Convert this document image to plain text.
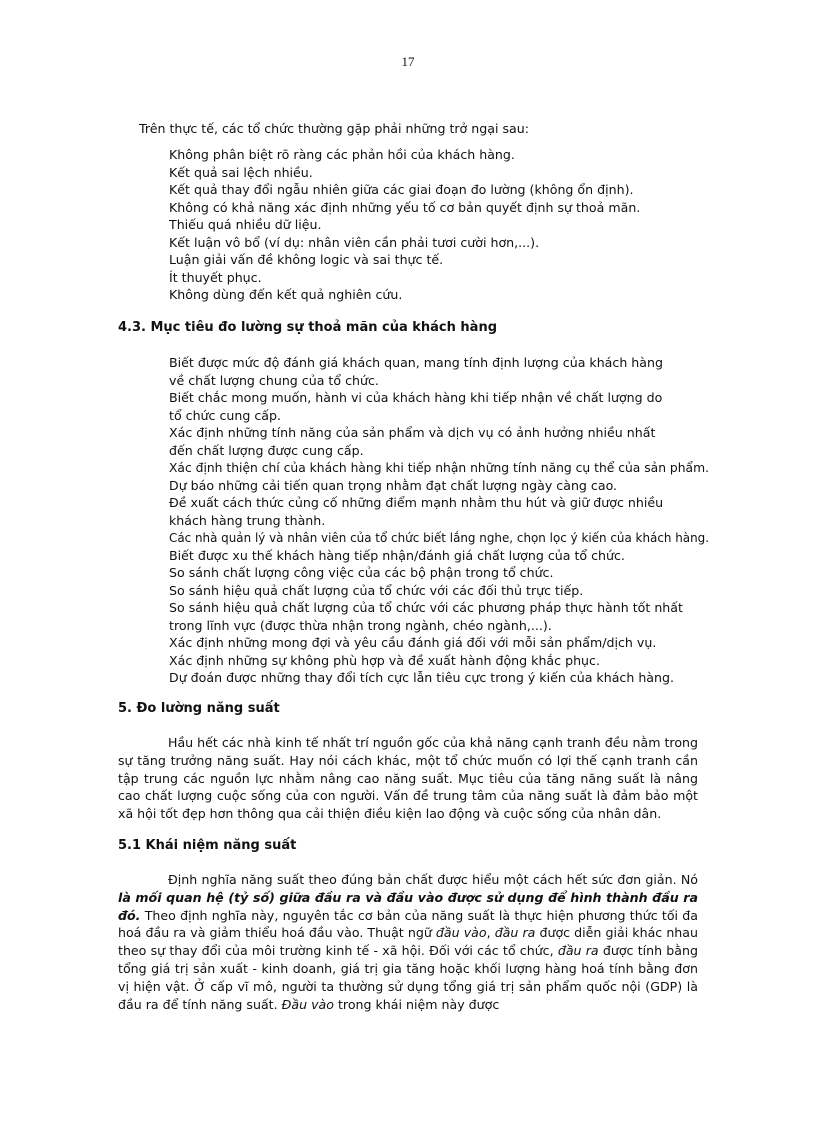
17
Trên thực tế, các tổ chức thường gặp phải những trở ngại sau:
Không phân biệt rõ ràng các phản hồi của khách hàng.
Kết quả sai lệch nhiều.
Kết quả thay đổi ngẫu nhiên giữa các giai đoạn đo lường (không ổn định).
Không có khả năng xác định những yếu tố cơ bản quyết định sự thoả mãn.
Thiếu quá nhiều dữ liệu.
Kết luận vô bổ (ví dụ: nhân viên cần phải tươi cười hơn,...).
Luận giải vấn đề không logic và sai thực tế.
Ít thuyết phục.
Không dùng đến kết quả nghiên cứu.
4.3. Mục tiêu đo lường sự thoả mãn của khách hàng
Biết được mức độ đánh giá khách quan, mang tính định lượng của khách hàng
về chất lượng chung của tổ chức.
Biết chắc mong muốn, hành vi của khách hàng khi tiếp nhận về chất lượng do
tổ chức cung cấp.
Xác định những tính năng của sản phẩm và dịch vụ có ảnh hưởng nhiều nhất
đến chất lượng được cung cấp.
Xác định thiện chí của khách hàng khi tiếp nhận những tính năng cụ thể của sản phẩm.
Dự báo những cải tiến quan trọng nhằm đạt chất lượng ngày càng cao.
Đề xuất cách thức củng cố những điểm mạnh nhằm thu hút và giữ được nhiều
khách hàng trung thành.
Các nhà quản lý và nhân viên của tổ chức biết lắng nghe, chọn lọc ý kiến của khách hàng.
Biết được xu thế khách hàng tiếp nhận/đánh giá chất lượng của tổ chức.
So sánh chất lượng công việc của các bộ phận trong tổ chức.
So sánh hiệu quả chất lượng của tổ chức với các đối thủ trực tiếp.
So sánh hiệu quả chất lượng của tổ chức với các phương pháp thực hành tốt nhất
trong lĩnh vực (được thừa nhận trong ngành, chéo ngành,...).
Xác định những mong đợi và yêu cầu đánh giá đối với mỗi sản phẩm/dịch vụ.
Xác định những sự không phù hợp và đề xuất hành động khắc phục.
Dự đoán được những thay đổi tích cực lẫn tiêu cực trong ý kiến của khách hàng.
5. Đo lường năng suất

Hầu hết các nhà kinh tế nhất trí nguồn gốc của khả năng cạnh tranh đều nằm trong sự tăng trưởng năng suất. Hay nói cách khác, một tổ chức muốn có lợi thế cạnh tranh cần tập trung các nguồn lực nhằm nâng cao năng suất. Mục tiêu của tăng năng suất là nâng cao chất lượng cuộc sống của con người. Vấn đề trung tâm của năng suất là đảm bảo một xã hội tốt đẹp hơn thông qua cải thiện điều kiện lao động và cuộc sống của nhân dân.

5.1 Khái niệm năng suất

Định nghĩa năng suất theo đúng bản chất được hiểu một cách hết sức đơn giản. Nó là mối quan hệ (tỷ số) giữa đầu ra và đầu vào được sử dụng để hình thành đầu ra đó. Theo định nghĩa này, nguyên tắc cơ bản của năng suất là thực hiện phương thức tối đa hoá đầu ra và giảm thiểu hoá đầu vào. Thuật ngữ đầu vào, đầu ra được diễn giải khác nhau theo sự thay đổi của môi trường kinh tế - xã hội. Đối với các tổ chức, đầu ra được tính bằng tổng giá trị sản xuất - kinh doanh, giá trị gia tăng hoặc khối lượng hàng hoá tính bằng đơn vị hiện vật. Ở cấp vĩ mô, người ta thường sử dụng tổng giá trị sản phẩm quốc nội (GDP) là đầu ra để tính năng suất. Đầu vào trong khái niệm này được
